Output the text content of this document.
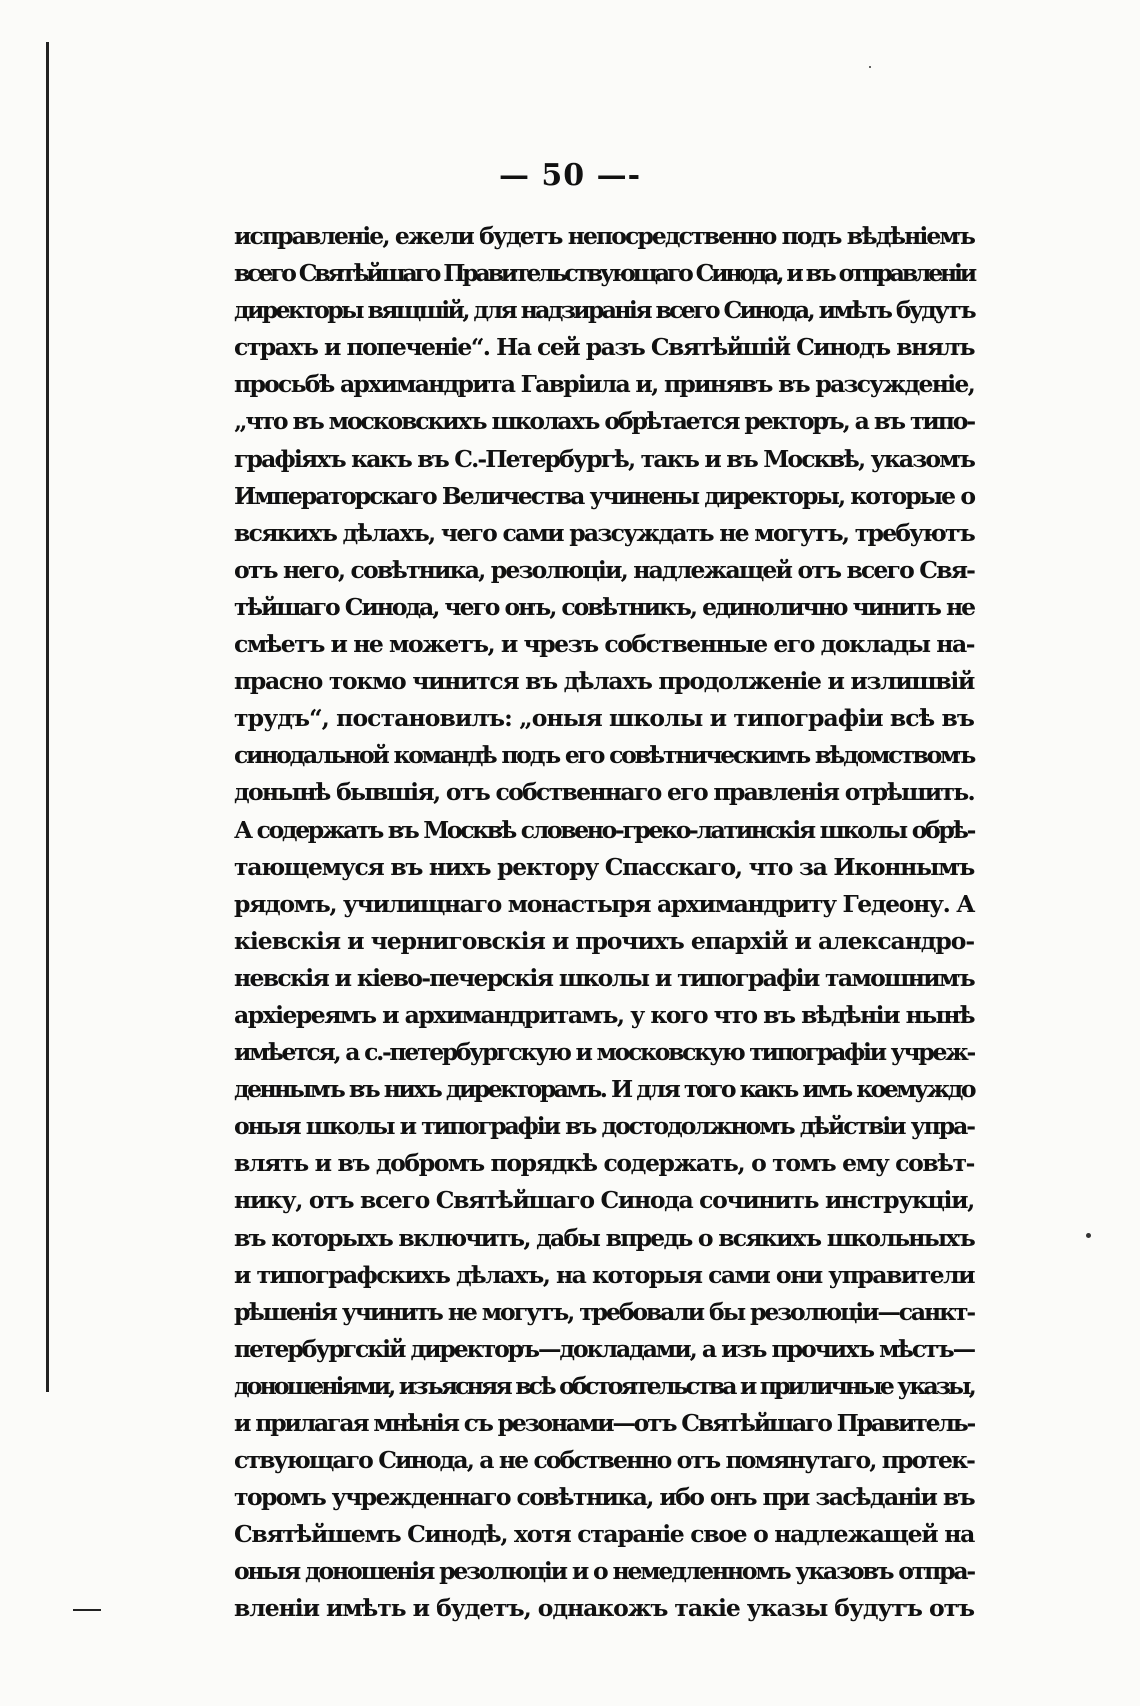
— 50 —-
исправленіе, ежели будетъ непосредственно подъ вѣдѣніемъ
всего Святѣйшаго Правительствующаго Синода, и въ отправленіи
директоры вящшій, для надзиранія всего Синода, имѣть будутъ
страхъ и попеченіе“. На сей разъ Святѣйшій Синодъ внялъ
просьбѣ архимандрита Гавріила и, принявъ въ разсужденіе,
„что въ московскихъ школахъ обрѣтается ректоръ, а въ типо-
графіяхъ какъ въ С.-Петербургѣ, такъ и въ Москвѣ, указомъ
Императорскаго Величества учинены директоры, которые о
всякихъ дѣлахъ, чего сами разсуждать не могутъ, требуютъ
отъ него, совѣтника, резолюціи, надлежащей отъ всего Свя-
тѣйшаго Синода, чего онъ, совѣтникъ, единолично чинить не
смѣетъ и не можетъ, и чрезъ собственные его доклады на-
прасно токмо чинится въ дѣлахъ продолженіе и излишвій
трудъ“, постановилъ: „оныя школы и типографіи всѣ въ
синодальной командѣ подъ его совѣтническимъ вѣдомствомъ
донынѣ бывшія, отъ собственнаго его правленія отрѣшить.
А содержать въ Москвѣ словено-греко-латинскія школы обрѣ-
тающемуся въ нихъ ректору Спасскаго, что за Иконнымъ
рядомъ, училищнаго монастыря архимандриту Гедеону. А
кіевскія и черниговскія и прочихъ епархій и александро-
невскія и кіево-печерскія школы и типографіи тамошнимъ
архіереямъ и архимандритамъ, у кого что въ вѣдѣніи нынѣ
имѣется, а с.-петербургскую и московскую типографіи учреж-
деннымъ въ нихъ директорамъ. И для того какъ имъ коемуждо
оныя школы и типографіи въ достодолжномъ дѣйствіи упра-
влять и въ добромъ порядкѣ содержать, о томъ ему совѣт-
нику, отъ всего Святѣйшаго Синода сочинить инструкціи,
въ которыхъ включить, дабы впредь о всякихъ школьныхъ
и типографскихъ дѣлахъ, на которыя сами они управители
рѣшенія учинить не могутъ, требовали бы резолюціи—санкт-
петербургскій директоръ—докладами, а изъ прочихъ мѣстъ—
доношеніями, изъясняя всѣ обстоятельства и приличные указы,
и прилагая мнѣнія съ резонами—отъ Святѣйшаго Правитель-
ствующаго Синода, а не собственно отъ помянутаго, протек-
торомъ учрежденнаго совѣтника, ибо онъ при засѣданіи въ
Святѣйшемъ Синодѣ, хотя стараніе свое о надлежащей на
оныя доношенія резолюціи и о немедленномъ указовъ отпра-
вленіи имѣть и будетъ, однакожъ такіе указы будутъ отъ
